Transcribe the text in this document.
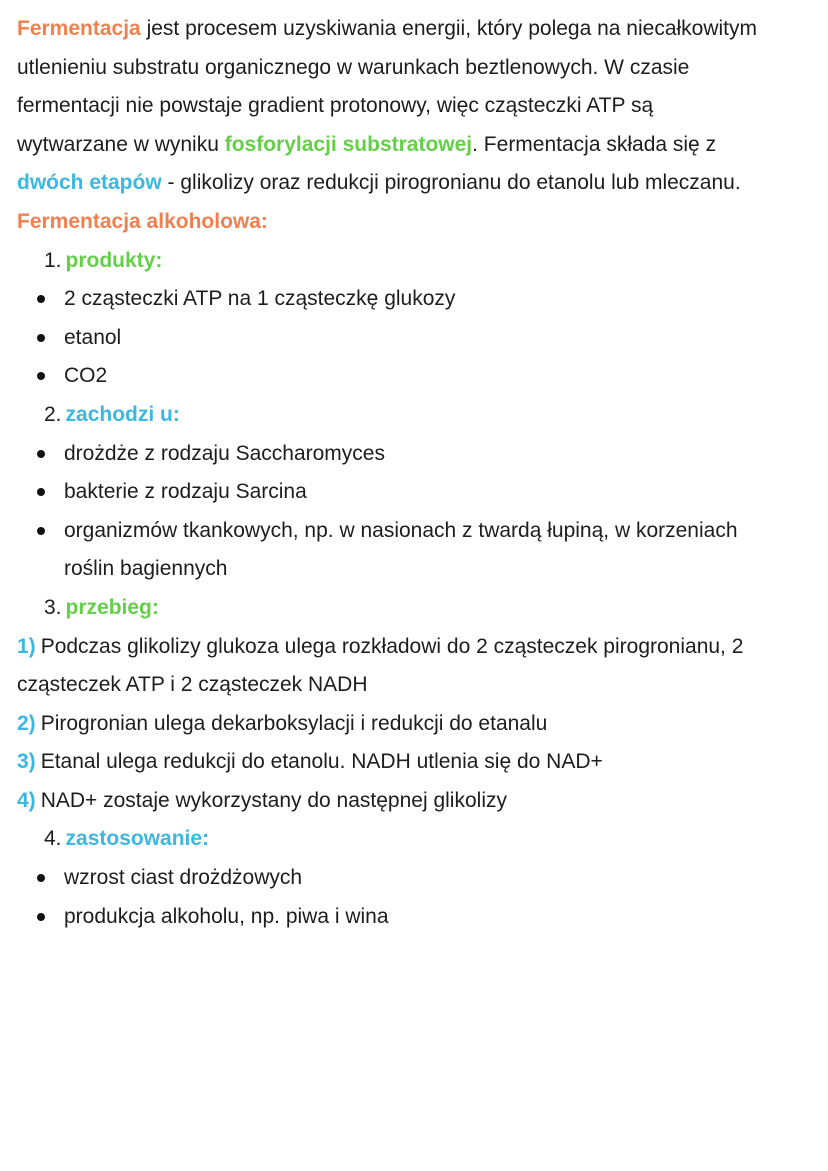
Fermentacja jest procesem uzyskiwania energii, który polega na niecałkowitym
utlenieniu substratu organicznego w warunkach beztlenowych. W czasie
fermentacji nie powstaje gradient protonowy, więc cząsteczki ATP są
wytwarzane w wyniku fosforylacji substratowej. Fermentacja składa się z
dwóch etapów - glikolizy oraz redukcji pirogronianu do etanolu lub mleczanu.
Fermentacja alkoholowa:
1. produkty:
2 cząsteczki ATP na 1 cząsteczkę glukozy
etanol
CO2
2. zachodzi u:
drożdże z rodzaju Saccharomyces
bakterie z rodzaju Sarcina
organizmów tkankowych, np. w nasionach z twardą łupiną, w korzeniach
roślin bagiennych
3. przebieg:
1) Podczas glikolizy glukoza ulega rozkładowi do 2 cząsteczek pirogronianu, 2
cząsteczek ATP i 2 cząsteczek NADH
2) Pirogronian ulega dekarboksylacji i redukcji do etanalu
3) Etanal ulega redukcji do etanolu. NADH utlenia się do NAD+
4) NAD+ zostaje wykorzystany do następnej glikolizy
4. zastosowanie:
wzrost ciast drożdżowych
produkcja alkoholu, np. piwa i wina
